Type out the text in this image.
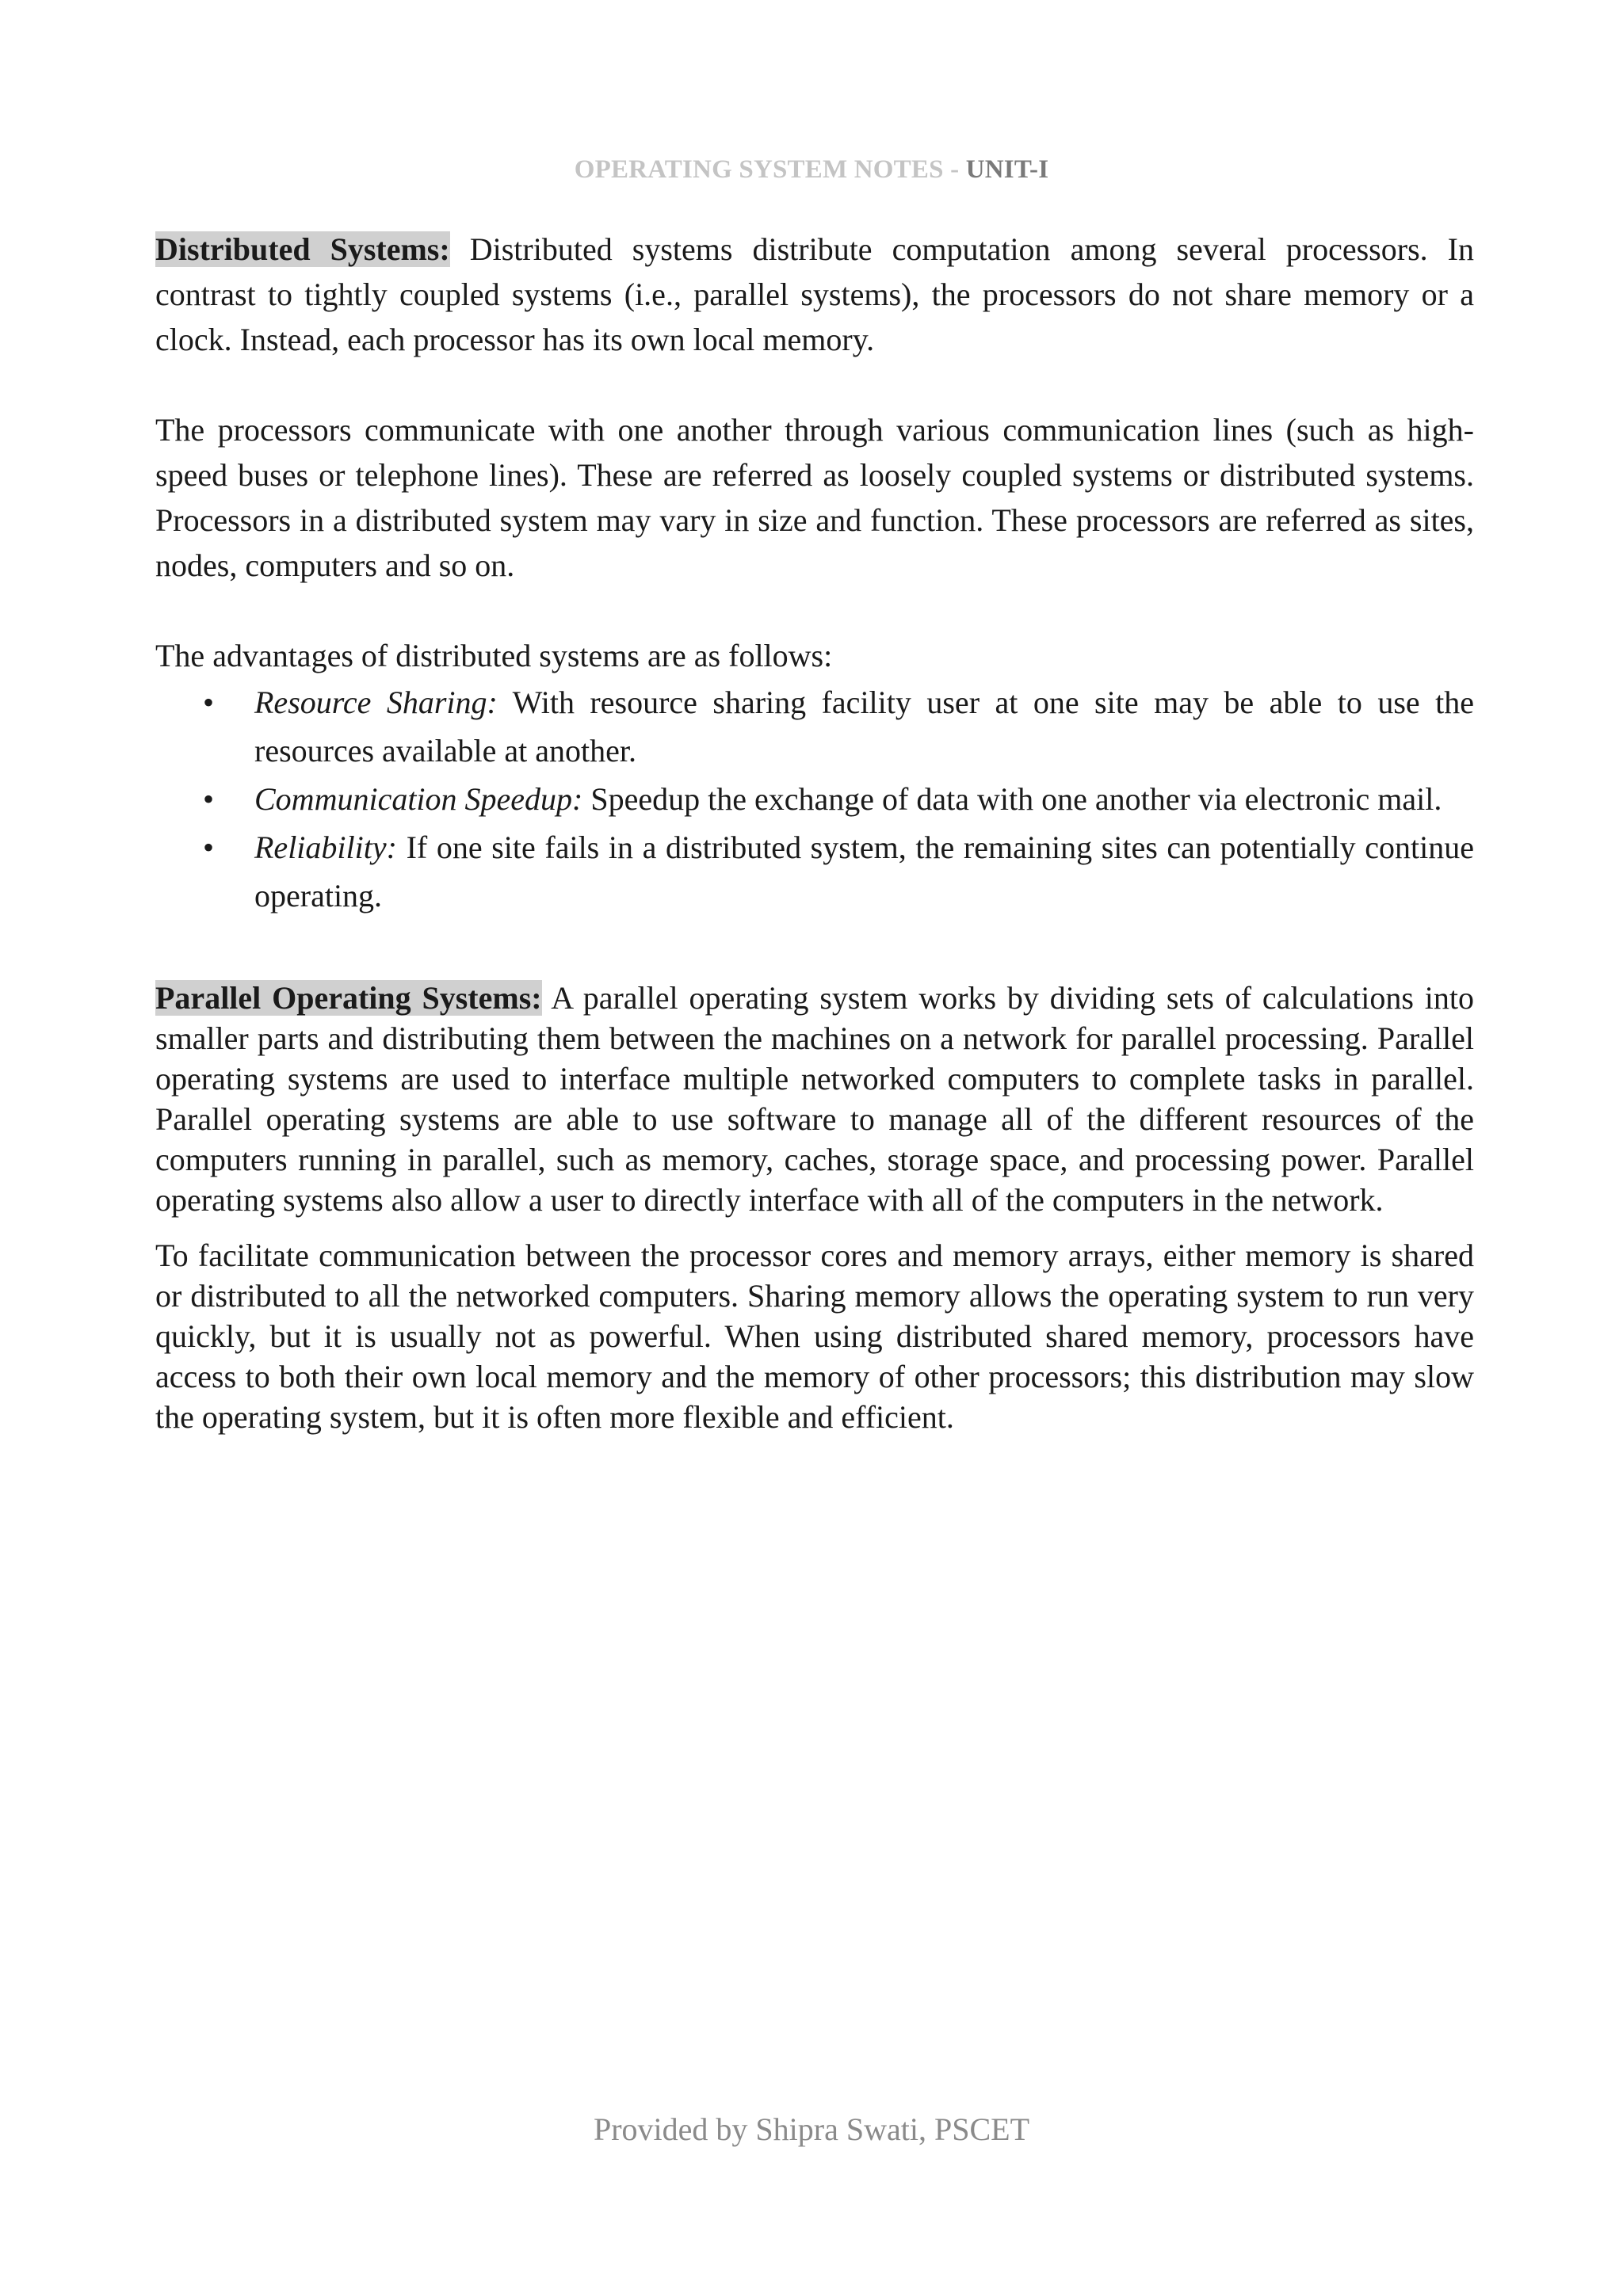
OPERATING SYSTEM NOTES - UNIT-I

Distributed Systems: Distributed systems distribute computation among several processors. In contrast to tightly coupled systems (i.e., parallel systems), the processors do not share memory or a clock. Instead, each processor has its own local memory.

The processors communicate with one another through various communication lines (such as high-speed buses or telephone lines). These are referred as loosely coupled systems or distributed systems. Processors in a distributed system may vary in size and function. These processors are referred as sites, nodes, computers and so on.

The advantages of distributed systems are as follows:

• Resource Sharing: With resource sharing facility user at one site may be able to use the resources available at another.
• Communication Speedup: Speedup the exchange of data with one another via electronic mail.
• Reliability: If one site fails in a distributed system, the remaining sites can potentially continue operating.

Parallel Operating Systems: A parallel operating system works by dividing sets of calculations into smaller parts and distributing them between the machines on a network for parallel processing. Parallel operating systems are used to interface multiple networked computers to complete tasks in parallel. Parallel operating systems are able to use software to manage all of the different resources of the computers running in parallel, such as memory, caches, storage space, and processing power. Parallel operating systems also allow a user to directly interface with all of the computers in the network.

To facilitate communication between the processor cores and memory arrays, either memory is shared or distributed to all the networked computers. Sharing memory allows the operating system to run very quickly, but it is usually not as powerful. When using distributed shared memory, processors have access to both their own local memory and the memory of other processors; this distribution may slow the operating system, but it is often more flexible and efficient.

Provided by Shipra Swati, PSCET
